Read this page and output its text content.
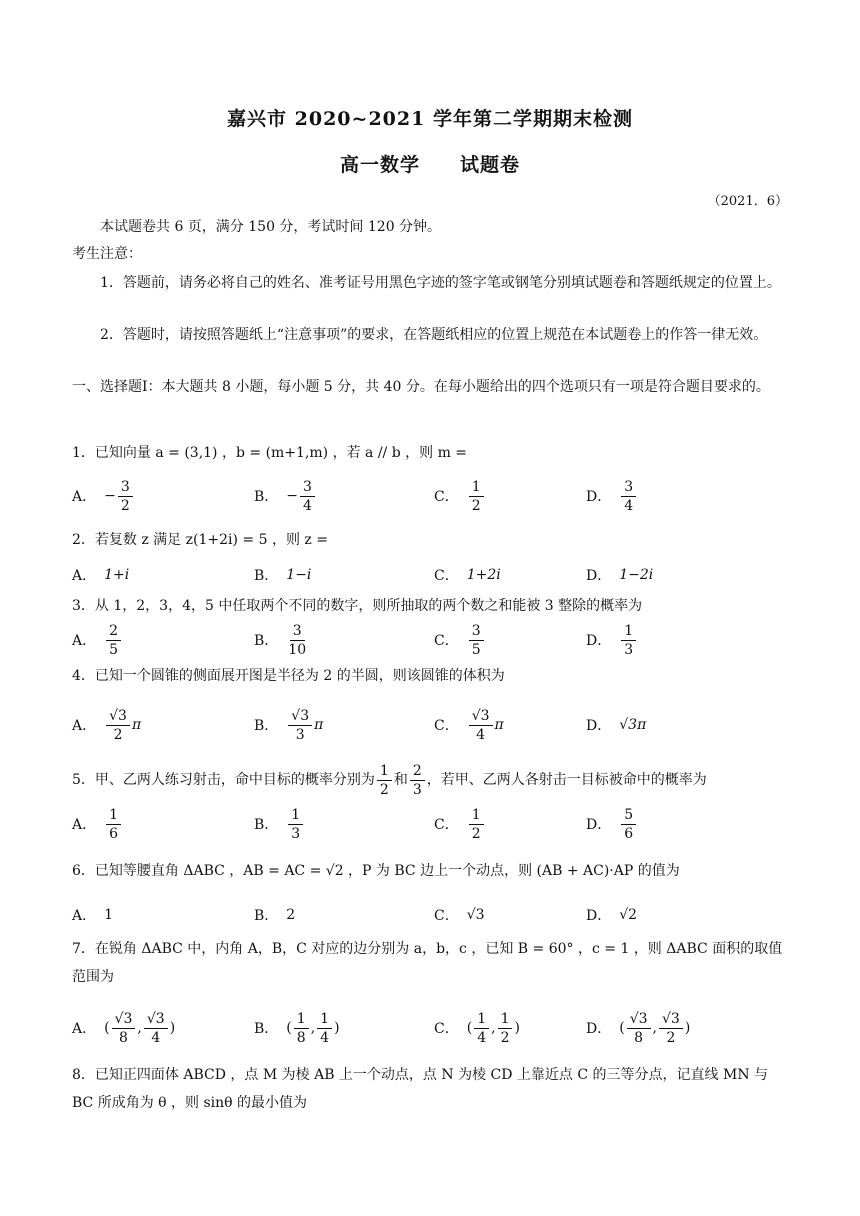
嘉兴市 2020~2021 学年第二学期期末检测
高一数学　　试题卷
（2021．6）
本试题卷共 6 页，满分 150 分，考试时间 120 分钟。
考生注意：
1．答题前，请务必将自己的姓名、准考证号用黑色字迹的签字笔或钢笔分别填试题卷和答题纸规定的位置上。
2．答题时，请按照答题纸上“注意事项”的要求，在答题纸相应的位置上规范在本试题卷上的作答一律无效。
一、选择题Ⅰ：本大题共 8 小题，每小题 5 分，共 40 分。在每小题给出的四个选项只有一项是符合题目要求的。
1．已知向量 a = (3,1) ，b = (m+1,m) ，若 a // b ，则 m =
A． − $\frac{3}{2}$	B． − $\frac{3}{4}$	C． $\frac{1}{2}$	D． $\frac{3}{4}$
2．若复数 z 满足 z(1+2i) = 5 ，则 z =
A． 1+i	B． 1−i	C． 1+2i	D． 1−2i
3．从 1，2，3，4，5 中任取两个不同的数字，则所抽取的两个数之和能被 3 整除的概率为
A． $\frac{2}{5}$	B． $\frac{3}{10}$	C． $\frac{3}{5}$	D． $\frac{1}{3}$
4．已知一个圆锥的侧面展开图是半径为 2 的半圆，则该圆锥的体积为
A． $\frac{√3}{2}$ π	B． $\frac{√3}{3}$ π	C． $\frac{√3}{4}$ π	D． √3π
5．甲、乙两人练习射击，命中目标的概率分别为 $\frac{1}{2}$ 和 $\frac{2}{3}$ ，若甲、乙两人各射击一目标被命中的概率为
A． $\frac{1}{6}$	B． $\frac{1}{3}$	C． $\frac{1}{2}$	D． $\frac{5}{6}$
6．已知等腰直角 ΔABC ，AB = AC = √2 ，P 为 BC 边上一个动点，则 (AB + AC)·AP 的值为
A． 1	B． 2	C． √3	D． √2
7．在锐角 ΔABC 中，内角 A，B，C 对应的边分别为 a，b，c ，已知 B = 60° ，c = 1 ，则 ΔABC 面积的取值
范围为
A． ( $\frac{√3}{8}$ , $\frac{√3}{4}$ )	B． ( $\frac{1}{8}$ , $\frac{1}{4}$ )	C． ( $\frac{1}{4}$ , $\frac{1}{2}$ )	D． ( $\frac{√3}{8}$ , $\frac{√3}{2}$ )
8．已知正四面体 ABCD ，点 M 为棱 AB 上一个动点，点 N 为棱 CD 上靠近点 C 的三等分点，记直线 MN 与
BC 所成角为 θ ，则 sinθ 的最小值为
